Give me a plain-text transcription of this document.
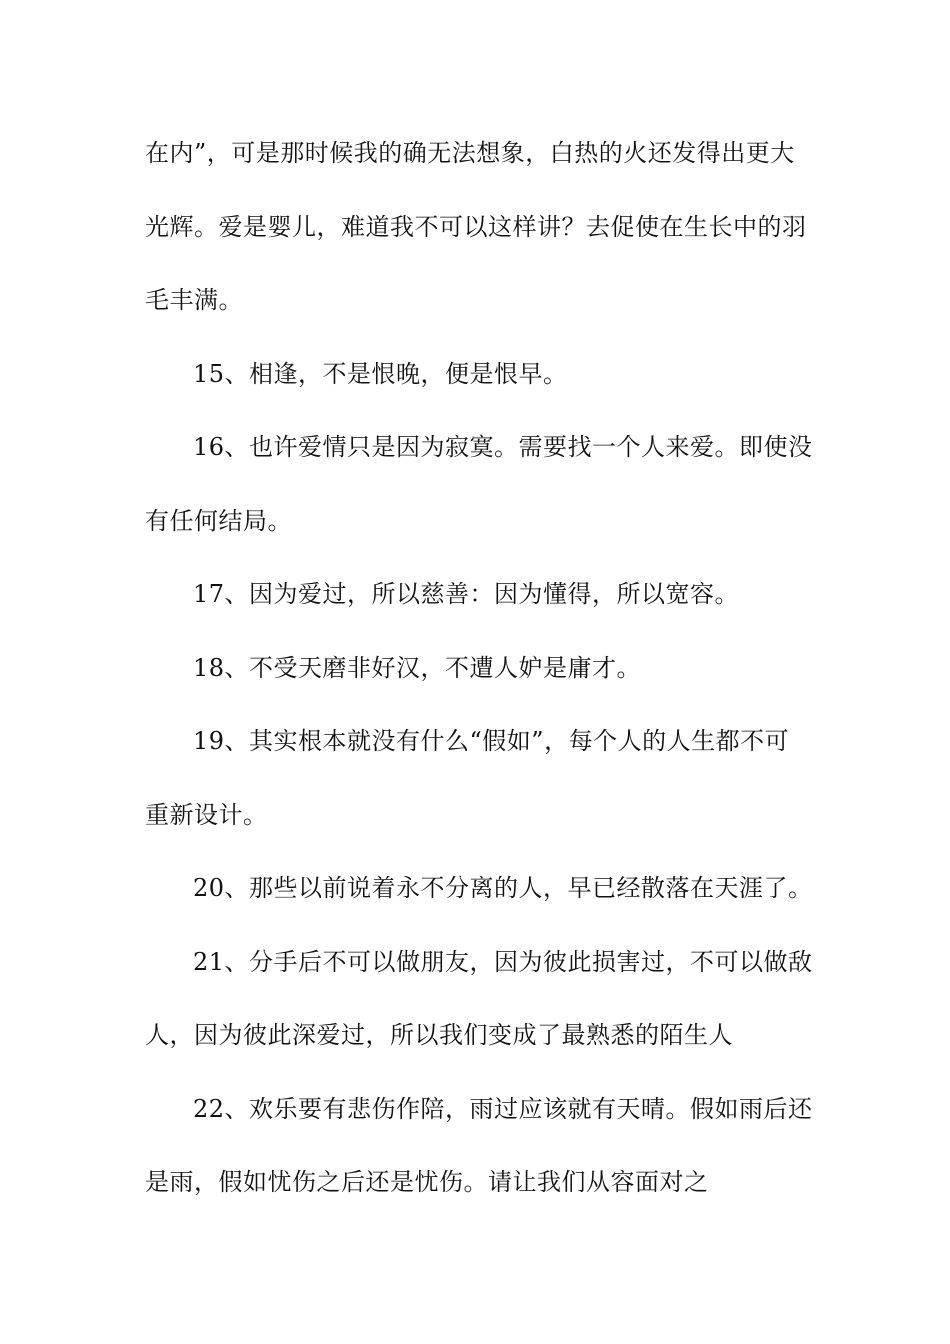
在内”，可是那时候我的确无法想象，白热的火还发得出更大
光辉。爱是婴儿，难道我不可以这样讲？去促使在生长中的羽
毛丰满。
15、相逢，不是恨晚，便是恨早。
16、也许爱情只是因为寂寞。需要找一个人来爱。即使没
有任何结局。
17、因为爱过，所以慈善：因为懂得，所以宽容。
18、不受天磨非好汉，不遭人妒是庸才。
19、其实根本就没有什么“假如”，每个人的人生都不可
重新设计。
20、那些以前说着永不分离的人，早已经散落在天涯了。
21、分手后不可以做朋友，因为彼此损害过，不可以做敌
人，因为彼此深爱过，所以我们变成了最熟悉的陌生人
22、欢乐要有悲伤作陪，雨过应该就有天晴。假如雨后还
是雨，假如忧伤之后还是忧伤。请让我们从容面对之
